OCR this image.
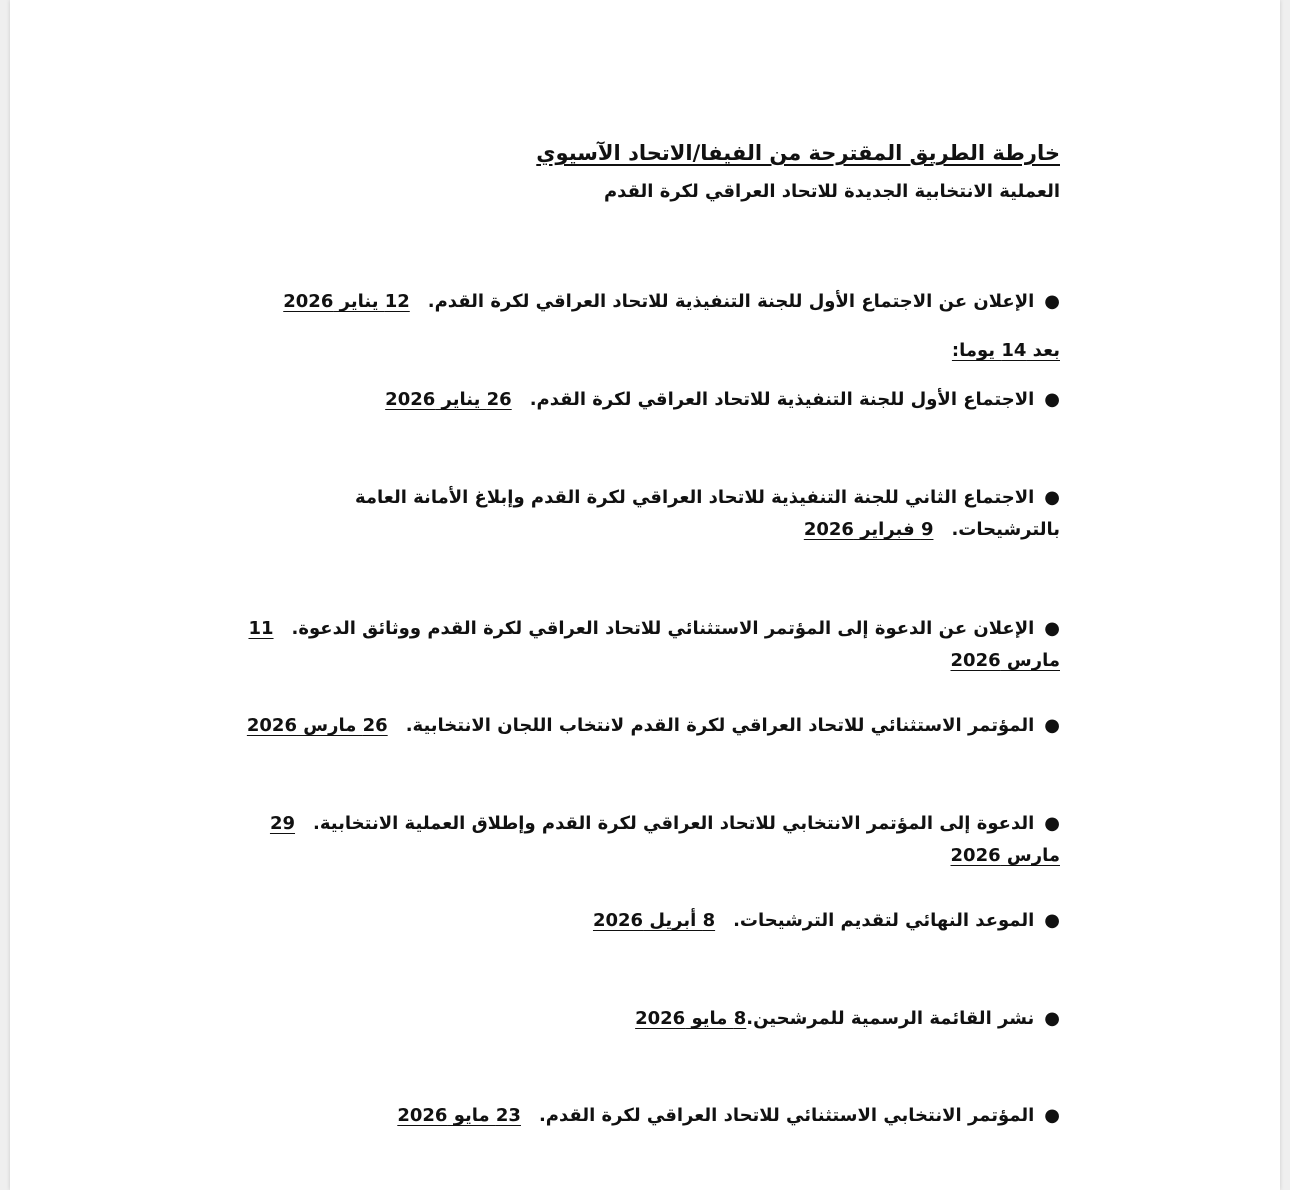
خارطة الطريق المقترحة من الفيفا/الاتحاد الآسيوي

العملية الانتخابية الجديدة للاتحاد العراقي لكرة القدم

●الإعلان عن الاجتماع الأول للجنة التنفيذية للاتحاد العراقي لكرة القدم.12 يناير 2026

بعد 14 يوما:

●الاجتماع الأول للجنة التنفيذية للاتحاد العراقي لكرة القدم.26 يناير 2026

●الاجتماع الثاني للجنة التنفيذية للاتحاد العراقي لكرة القدم وإبلاغ الأمانة العامة بالترشيحات.9 فبراير 2026

●الإعلان عن الدعوة إلى المؤتمر الاستثنائي للاتحاد العراقي لكرة القدم ووثائق الدعوة.11 مارس 2026

●المؤتمر الاستثنائي للاتحاد العراقي لكرة القدم لانتخاب اللجان الانتخابية.26 مارس 2026

●الدعوة إلى المؤتمر الانتخابي للاتحاد العراقي لكرة القدم وإطلاق العملية الانتخابية.29 مارس 2026

●الموعد النهائي لتقديم الترشيحات.8 أبريل 2026

●نشر القائمة الرسمية للمرشحين.8 مايو 2026

●المؤتمر الانتخابي الاستثنائي للاتحاد العراقي لكرة القدم.23 مايو 2026
